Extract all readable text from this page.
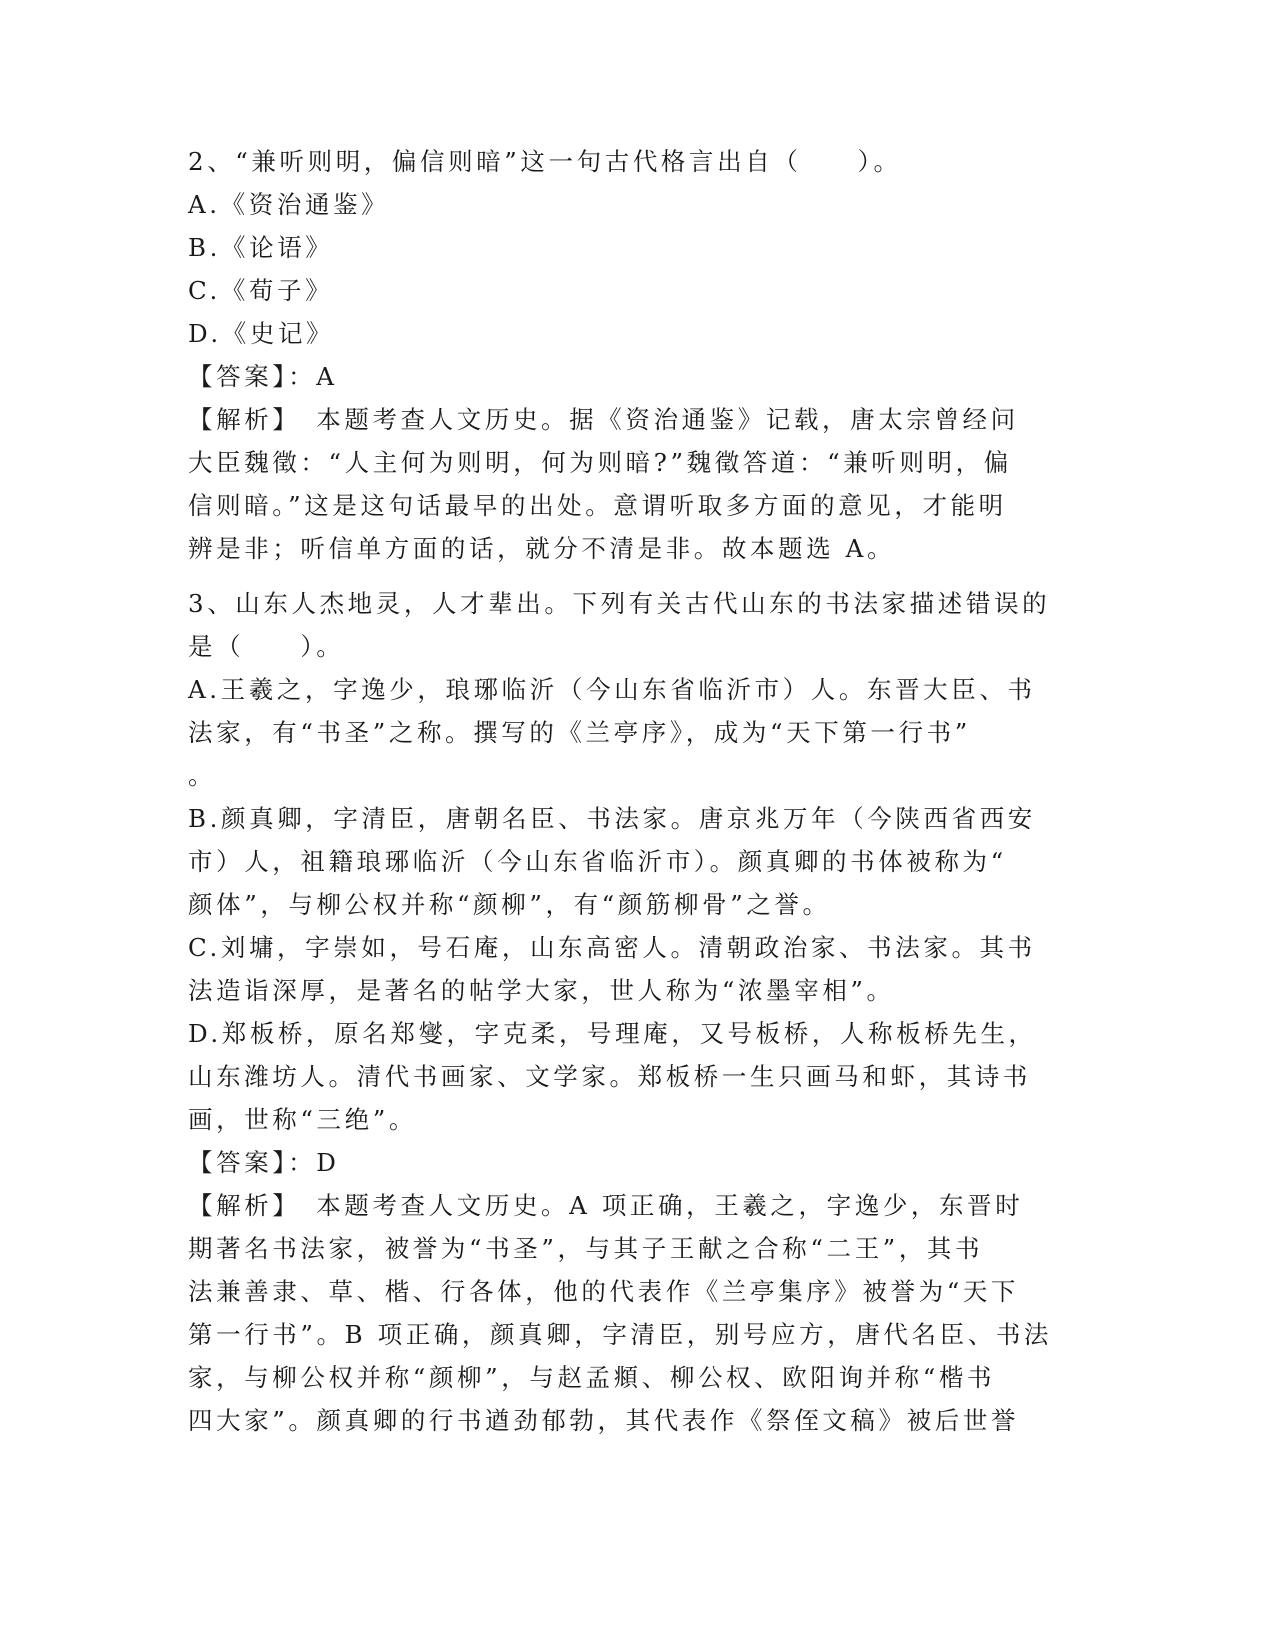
2、“兼听则明，偏信则暗”这一句古代格言出自（　　）。
A.《资治通鉴》
B.《论语》
C.《荀子》
D.《史记》
【答案】：A
【解析】　本题考查人文历史。据《资治通鉴》记载，唐太宗曾经问
大臣魏徵：“人主何为则明，何为则暗?”魏徵答道：“兼听则明，偏
信则暗。”这是这句话最早的出处。意谓听取多方面的意见，才能明
辨是非；听信单方面的话，就分不清是非。故本题选 A。
3、山东人杰地灵，人才辈出。下列有关古代山东的书法家描述错误的
是（　　）。
A.王羲之，字逸少，琅琊临沂（今山东省临沂市）人。东晋大臣、书
法家，有“书圣”之称。撰写的《兰亭序》，成为“天下第一行书”
。
B.颜真卿，字清臣，唐朝名臣、书法家。唐京兆万年（今陕西省西安
市）人，祖籍琅琊临沂（今山东省临沂市）。颜真卿的书体被称为“
颜体”，与柳公权并称“颜柳”，有“颜筋柳骨”之誉。
C.刘墉，字崇如，号石庵，山东高密人。清朝政治家、书法家。其书
法造诣深厚，是著名的帖学大家，世人称为“浓墨宰相”。
D.郑板桥，原名郑燮，字克柔，号理庵，又号板桥，人称板桥先生，
山东潍坊人。清代书画家、文学家。郑板桥一生只画马和虾，其诗书
画，世称“三绝”。
【答案】：D
【解析】　本题考查人文历史。A 项正确，王羲之，字逸少，东晋时
期著名书法家，被誉为“书圣”，与其子王献之合称“二王”，其书
法兼善隶、草、楷、行各体，他的代表作《兰亭集序》被誉为“天下
第一行书”。B 项正确，颜真卿，字清臣，别号应方，唐代名臣、书法
家，与柳公权并称“颜柳”，与赵孟頫、柳公权、欧阳询并称“楷书
四大家”。颜真卿的行书遒劲郁勃，其代表作《祭侄文稿》被后世誉
